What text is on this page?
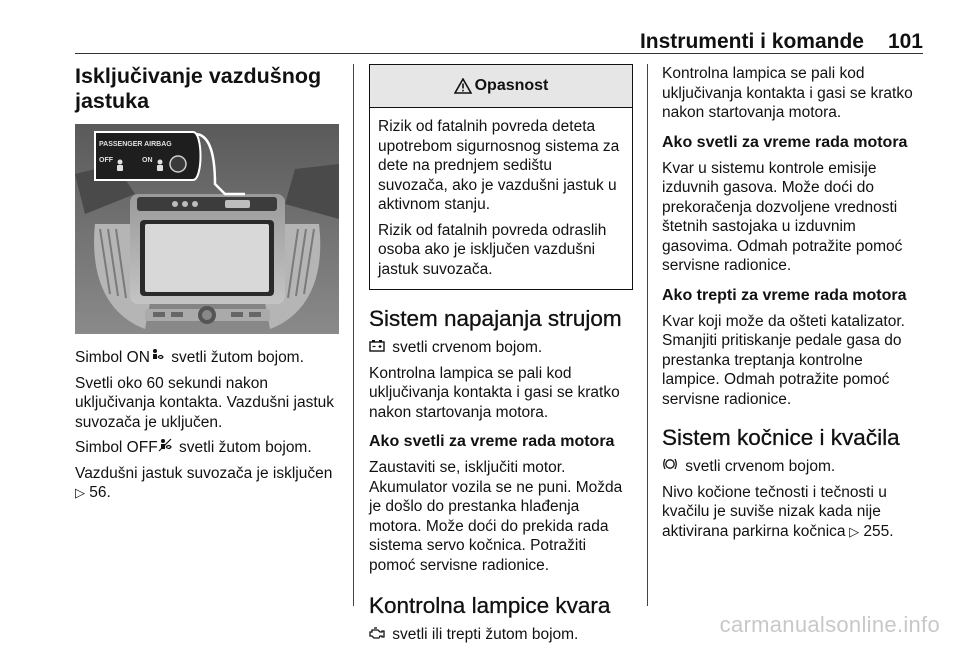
Instrumenti i komande 101
Isključivanje vazdušnog jastuka
PASSENGER AIRBAG
OFF	ON

Simbol ON svetli žutom bojom.

Svetli oko 60 sekundi nakon uključivanja kontakta. Vazdušni jastuk suvozača je uključen.

Simbol OFF svetli žutom bojom.

Vazdušni jastuk suvozača je isključen
▷ 56.

Opasnost

Rizik od fatalnih povreda deteta upotrebom sigurnosnog sistema za dete na prednjem sedištu suvozača, ako je vazdušni jastuk u aktivnom stanju.

Rizik od fatalnih povreda odraslih osoba ako je isključen vazdušni jastuk suvozača.

Sistem napajanja strujom

svetli crvenom bojom.

Kontrolna lampica se pali kod uključivanja kontakta i gasi se kratko nakon startovanja motora.

Ako svetli za vreme rada motora

Zaustaviti se, isključiti motor. Akumulator vozila se ne puni. Možda je došlo do prestanka hlađenja motora. Može doći do prekida rada sistema servo kočnica. Potražiti pomoć servisne radionice.

Kontrolna lampice kvara

svetli ili trepti žutom bojom.

Kontrolna lampica se pali kod uključivanja kontakta i gasi se kratko nakon startovanja motora.

Ako svetli za vreme rada motora

Kvar u sistemu kontrole emisije izduvnih gasova. Može doći do prekoračenja dozvoljene vrednosti štetnih sastojaka u izduvnim gasovima. Odmah potražite pomoć servisne radionice.

Ako trepti za vreme rada motora

Kvar koji može da ošteti katalizator. Smanjiti pritiskanje pedale gasa do prestanka treptanja kontrolne lampice. Odmah potražite pomoć servisne radionice.

Sistem kočnice i kvačila

svetli crvenom bojom.

Nivo kočione tečnosti i tečnosti u kvačilu je suviše nizak kada nije aktivirana parkirna kočnica ▷ 255.

carmanualsonline.info
